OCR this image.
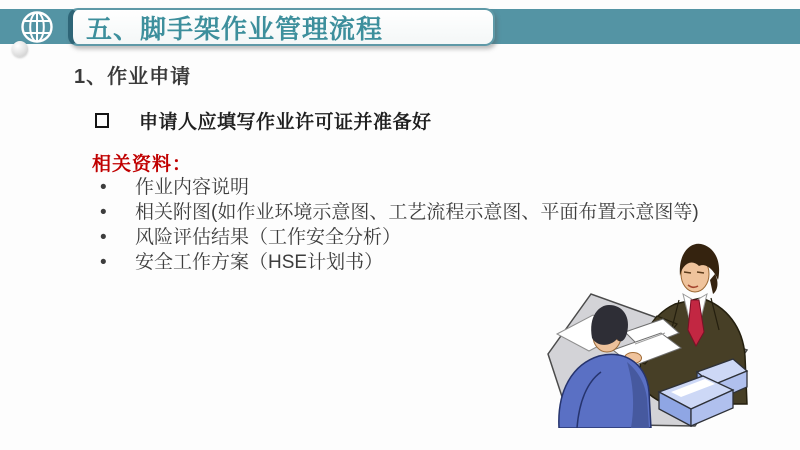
五、脚手架作业管理流程
1、作业申请
申请人应填写作业许可证并准备好
相关资料：
•	作业内容说明
•	相关附图(如作业环境示意图、工艺流程示意图、平面布置示意图等)
•	风险评估结果（工作安全分析）
•	安全工作方案（HSE计划书）
